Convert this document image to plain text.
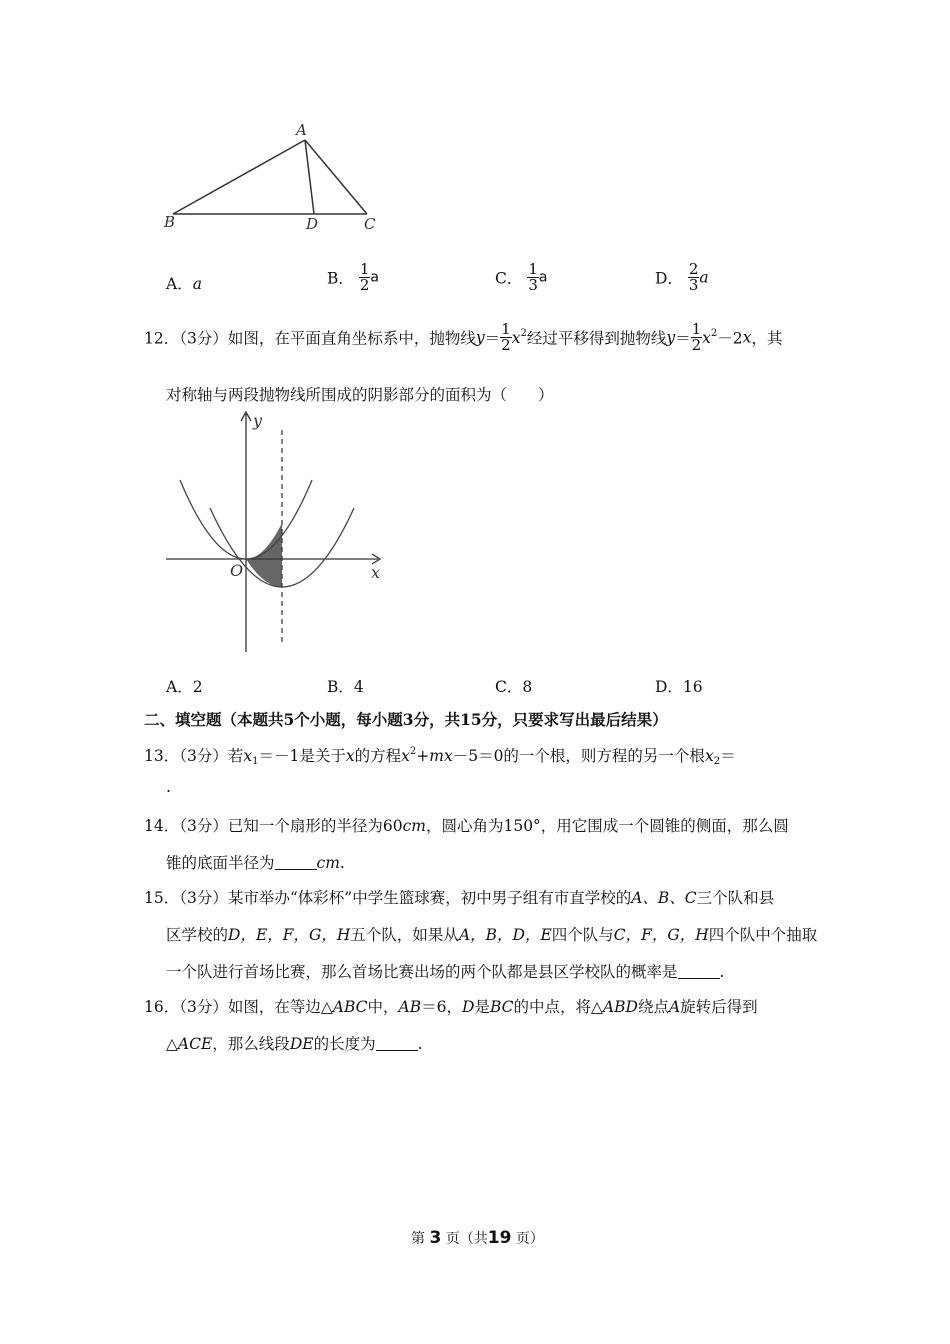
A
B	D	C
A．a	B． $\frac{1}{2}$ a	C． $\frac{1}{3}$ a	D． $\frac{2}{3}$ a
12．（3分）如图，在平面直角坐标系中，抛物线$y= \frac{1}{2} x^2$经过平移得到抛物线$y= \frac{1}{2} x^2-2x$，其
对称轴与两段抛物线所围成的阴影部分的面积为（　　）
y
x
O
A．2	B．4	C．8	D．16
二、填空题（本题共5个小题，每小题3分，共15分，只要求写出最后结果）
13．（3分）若$x_1=-1$是关于x的方程$x^2+mx-5=0$的一个根，则方程的另一个根$x_2=$
.
14．（3分）已知一个扇形的半径为60cm，圆心角为150°，用它围成一个圆锥的侧面，那么圆
锥的底面半径为	cm.
15．（3分）某市举办“体彩杯”中学生篮球赛，初中男子组有市直学校的A、B、C三个队和县
区学校的D，E，F，G，H五个队，如果从A，B，D，E四个队与C，F，G，H四个队中个抽取
一个队进行首场比赛，那么首场比赛出场的两个队都是县区学校队的概率是	.
16．（3分）如图，在等边△ABC中，AB＝6，D是BC的中点，将△ABD绕点A旋转后得到
△ACE，那么线段DE的长度为	.
第 3 页（共19 页）
